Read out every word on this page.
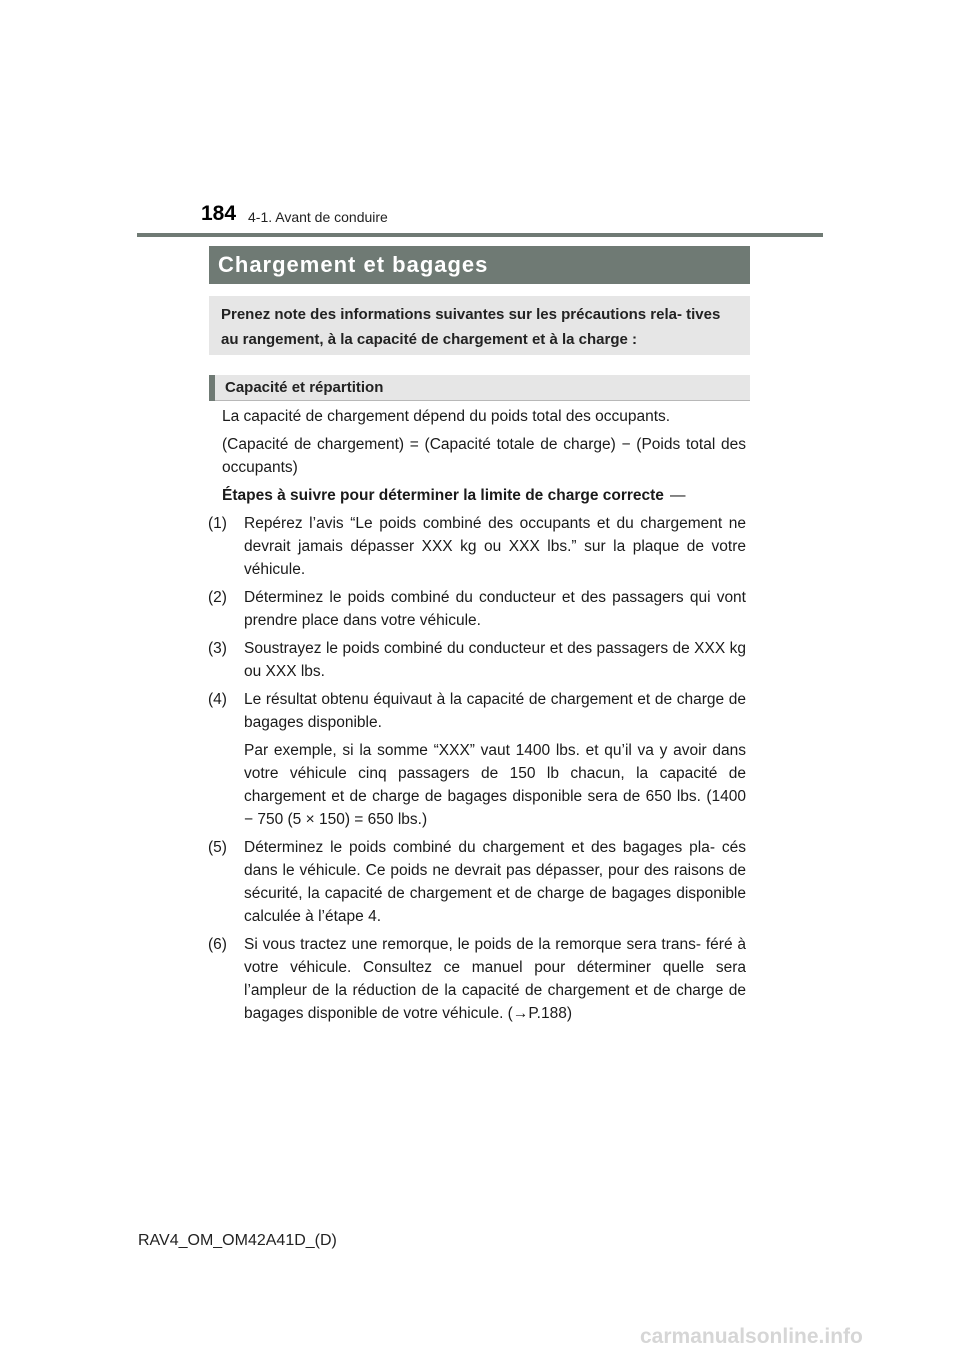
184 4-1. Avant de conduire
Chargement et bagages
Prenez note des informations suivantes sur les précautions rela- tives au rangement, à la capacité de chargement et à la charge :
Capacité et répartition

La capacité de chargement dépend du poids total des occupants.

(Capacité de chargement) = (Capacité totale de charge) − (Poids total des occupants)

Étapes à suivre pour déterminer la limite de charge correcte —

(1) Repérez l’avis “Le poids combiné des occupants et du chargement ne devrait jamais dépasser XXX kg ou XXX lbs.” sur la plaque de votre véhicule.
(2) Déterminez le poids combiné du conducteur et des passagers qui vont prendre place dans votre véhicule.
(3) Soustrayez le poids combiné du conducteur et des passagers de XXX kg ou XXX lbs.
(4) Le résultat obtenu équivaut à la capacité de chargement et de charge de bagages disponible.

Par exemple, si la somme “XXX” vaut 1400 lbs. et qu’il va y avoir dans votre véhicule cinq passagers de 150 lb chacun, la capacité de chargement et de charge de bagages disponible sera de 650 lbs. (1400 − 750 (5 × 150) = 650 lbs.)

(5) Déterminez le poids combiné du chargement et des bagages pla- cés dans le véhicule. Ce poids ne devrait pas dépasser, pour des raisons de sécurité, la capacité de chargement et de charge de bagages disponible calculée à l’étape 4.
(6) Si vous tractez une remorque, le poids de la remorque sera trans- féré à votre véhicule. Consultez ce manuel pour déterminer quelle sera l’ampleur de la réduction de la capacité de chargement et de charge de bagages disponible de votre véhicule. (→P.188)
RAV4_OM_OM42A41D_(D)
carmanualsonline.info
